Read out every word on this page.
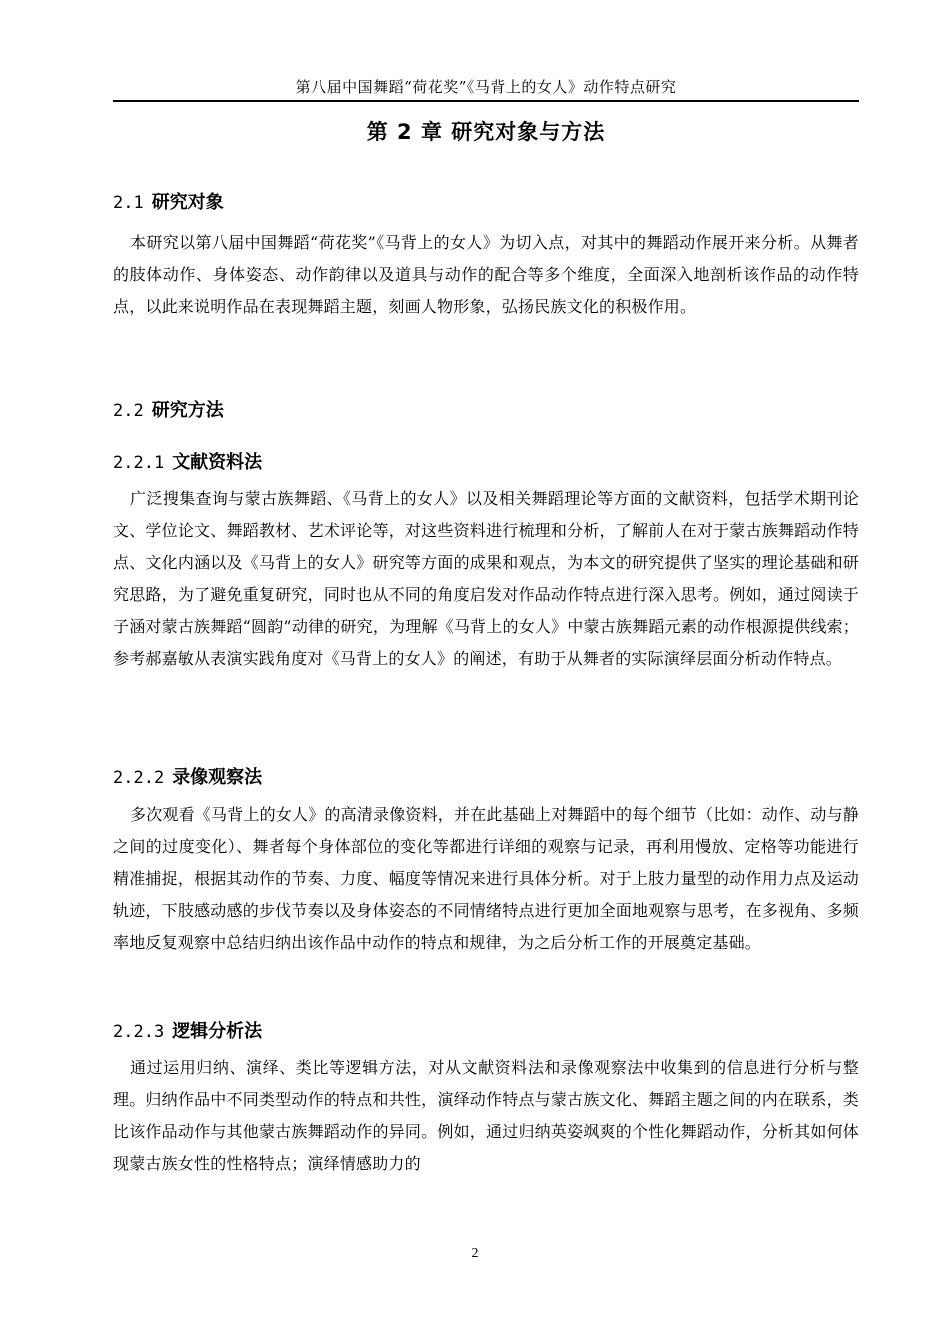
第八届中国舞蹈“荷花奖”《马背上的女人》动作特点研究
第 2 章 研究对象与方法
2.1 研究对象
本研究以第八届中国舞蹈“荷花奖”《马背上的女人》为切入点，对其中的舞蹈动作展开来分析。从舞者的肢体动作、身体姿态、动作韵律以及道具与动作的配合等多个维度，全面深入地剖析该作品的动作特点，以此来说明作品在表现舞蹈主题，刻画人物形象，弘扬民族文化的积极作用。
2.2 研究方法
2.2.1 文献资料法
广泛搜集查询与蒙古族舞蹈、《马背上的女人》以及相关舞蹈理论等方面的文献资料，包括学术期刊论文、学位论文、舞蹈教材、艺术评论等，对这些资料进行梳理和分析，了解前人在对于蒙古族舞蹈动作特点、文化内涵以及《马背上的女人》研究等方面的成果和观点，为本文的研究提供了坚实的理论基础和研究思路，为了避免重复研究，同时也从不同的角度启发对作品动作特点进行深入思考。例如，通过阅读于子涵对蒙古族舞蹈“圆韵”动律的研究，为理解《马背上的女人》中蒙古族舞蹈元素的动作根源提供线索；参考郝嘉敏从表演实践角度对《马背上的女人》的阐述，有助于从舞者的实际演绎层面分析动作特点。
2.2.2 录像观察法
多次观看《马背上的女人》的高清录像资料，并在此基础上对舞蹈中的每个细节（比如：动作、动与静之间的过度变化）、舞者每个身体部位的变化等都进行详细的观察与记录，再利用慢放、定格等功能进行精准捕捉，根据其动作的节奏、力度、幅度等情况来进行具体分析。对于上肢力量型的动作用力点及运动轨迹，下肢感动感的步伐节奏以及身体姿态的不同情绪特点进行更加全面地观察与思考，在多视角、多频率地反复观察中总结归纳出该作品中动作的特点和规律，为之后分析工作的开展奠定基础。
2.2.3 逻辑分析法
通过运用归纳、演绎、类比等逻辑方法，对从文献资料法和录像观察法中收集到的信息进行分析与整理。归纳作品中不同类型动作的特点和共性，演绎动作特点与蒙古族文化、舞蹈主题之间的内在联系，类比该作品动作与其他蒙古族舞蹈动作的异同。例如，通过归纳英姿飒爽的个性化舞蹈动作，分析其如何体现蒙古族女性的性格特点；演绎情感助力的
2
